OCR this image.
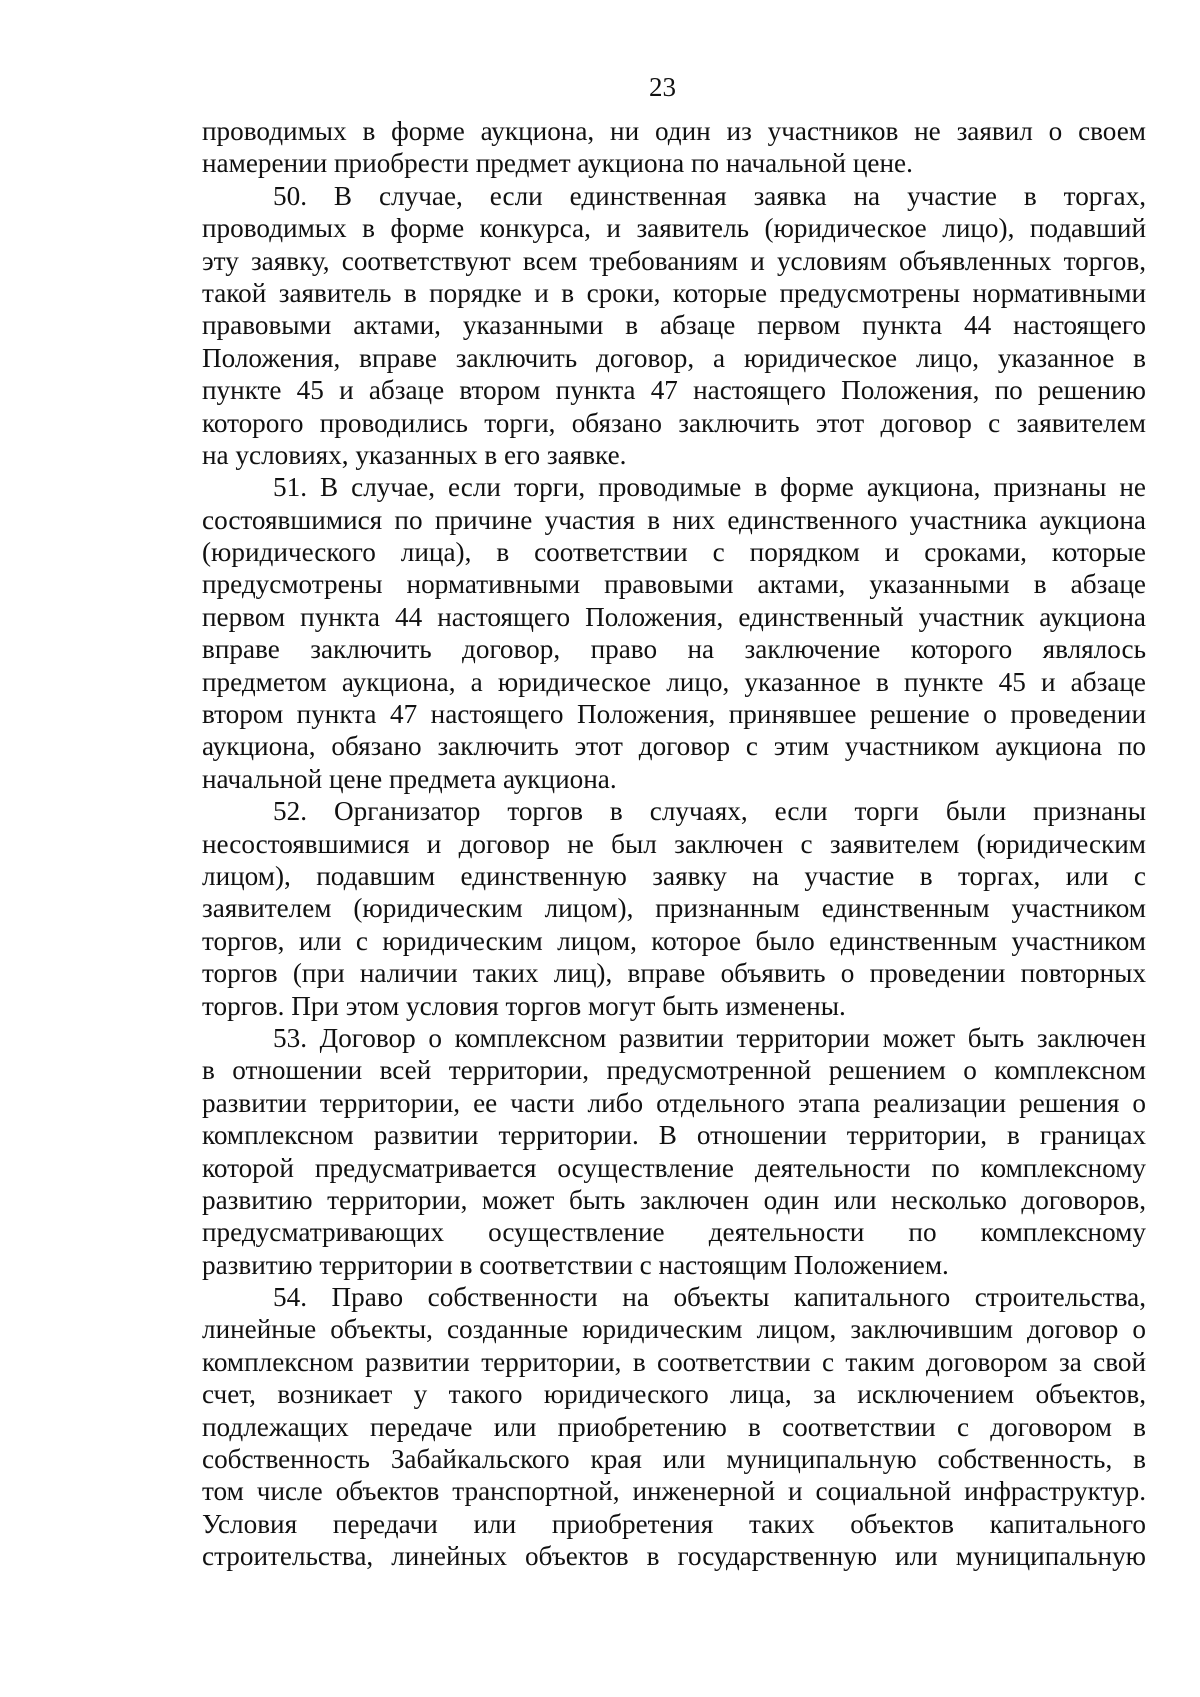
23
проводимых в форме аукциона, ни один из участников не заявил о своем
намерении приобрести предмет аукциона по начальной цене.
50. В случае, если единственная заявка на участие в торгах,
проводимых в форме конкурса, и заявитель (юридическое лицо), подавший
эту заявку, соответствуют всем требованиям и условиям объявленных торгов,
такой заявитель в порядке и в сроки, которые предусмотрены нормативными
правовыми актами, указанными в абзаце первом пункта 44 настоящего
Положения, вправе заключить договор, а юридическое лицо, указанное в
пункте 45 и абзаце втором пункта 47 настоящего Положения, по решению
которого проводились торги, обязано заключить этот договор с заявителем
на условиях, указанных в его заявке.
51. В случае, если торги, проводимые в форме аукциона, признаны не
состоявшимися по причине участия в них единственного участника аукциона
(юридического лица), в соответствии с порядком и сроками, которые
предусмотрены нормативными правовыми актами, указанными в абзаце
первом пункта 44 настоящего Положения, единственный участник аукциона
вправе заключить договор, право на заключение которого являлось
предметом аукциона, а юридическое лицо, указанное в пункте 45 и абзаце
втором пункта 47 настоящего Положения, принявшее решение о проведении
аукциона, обязано заключить этот договор с этим участником аукциона по
начальной цене предмета аукциона.
52. Организатор торгов в случаях, если торги были признаны
несостоявшимися и договор не был заключен с заявителем (юридическим
лицом), подавшим единственную заявку на участие в торгах, или с
заявителем (юридическим лицом), признанным единственным участником
торгов, или с юридическим лицом, которое было единственным участником
торгов (при наличии таких лиц), вправе объявить о проведении повторных
торгов. При этом условия торгов могут быть изменены.
53. Договор о комплексном развитии территории может быть заключен
в отношении всей территории, предусмотренной решением о комплексном
развитии территории, ее части либо отдельного этапа реализации решения о
комплексном развитии территории. В отношении территории, в границах
которой предусматривается осуществление деятельности по комплексному
развитию территории, может быть заключен один или несколько договоров,
предусматривающих осуществление деятельности по комплексному
развитию территории в соответствии с настоящим Положением.
54. Право собственности на объекты капитального строительства,
линейные объекты, созданные юридическим лицом, заключившим договор о
комплексном развитии территории, в соответствии с таким договором за свой
счет, возникает у такого юридического лица, за исключением объектов,
подлежащих передаче или приобретению в соответствии с договором в
собственность Забайкальского края или муниципальную собственность, в
том числе объектов транспортной, инженерной и социальной инфраструктур.
Условия передачи или приобретения таких объектов капитального
строительства, линейных объектов в государственную или муниципальную
